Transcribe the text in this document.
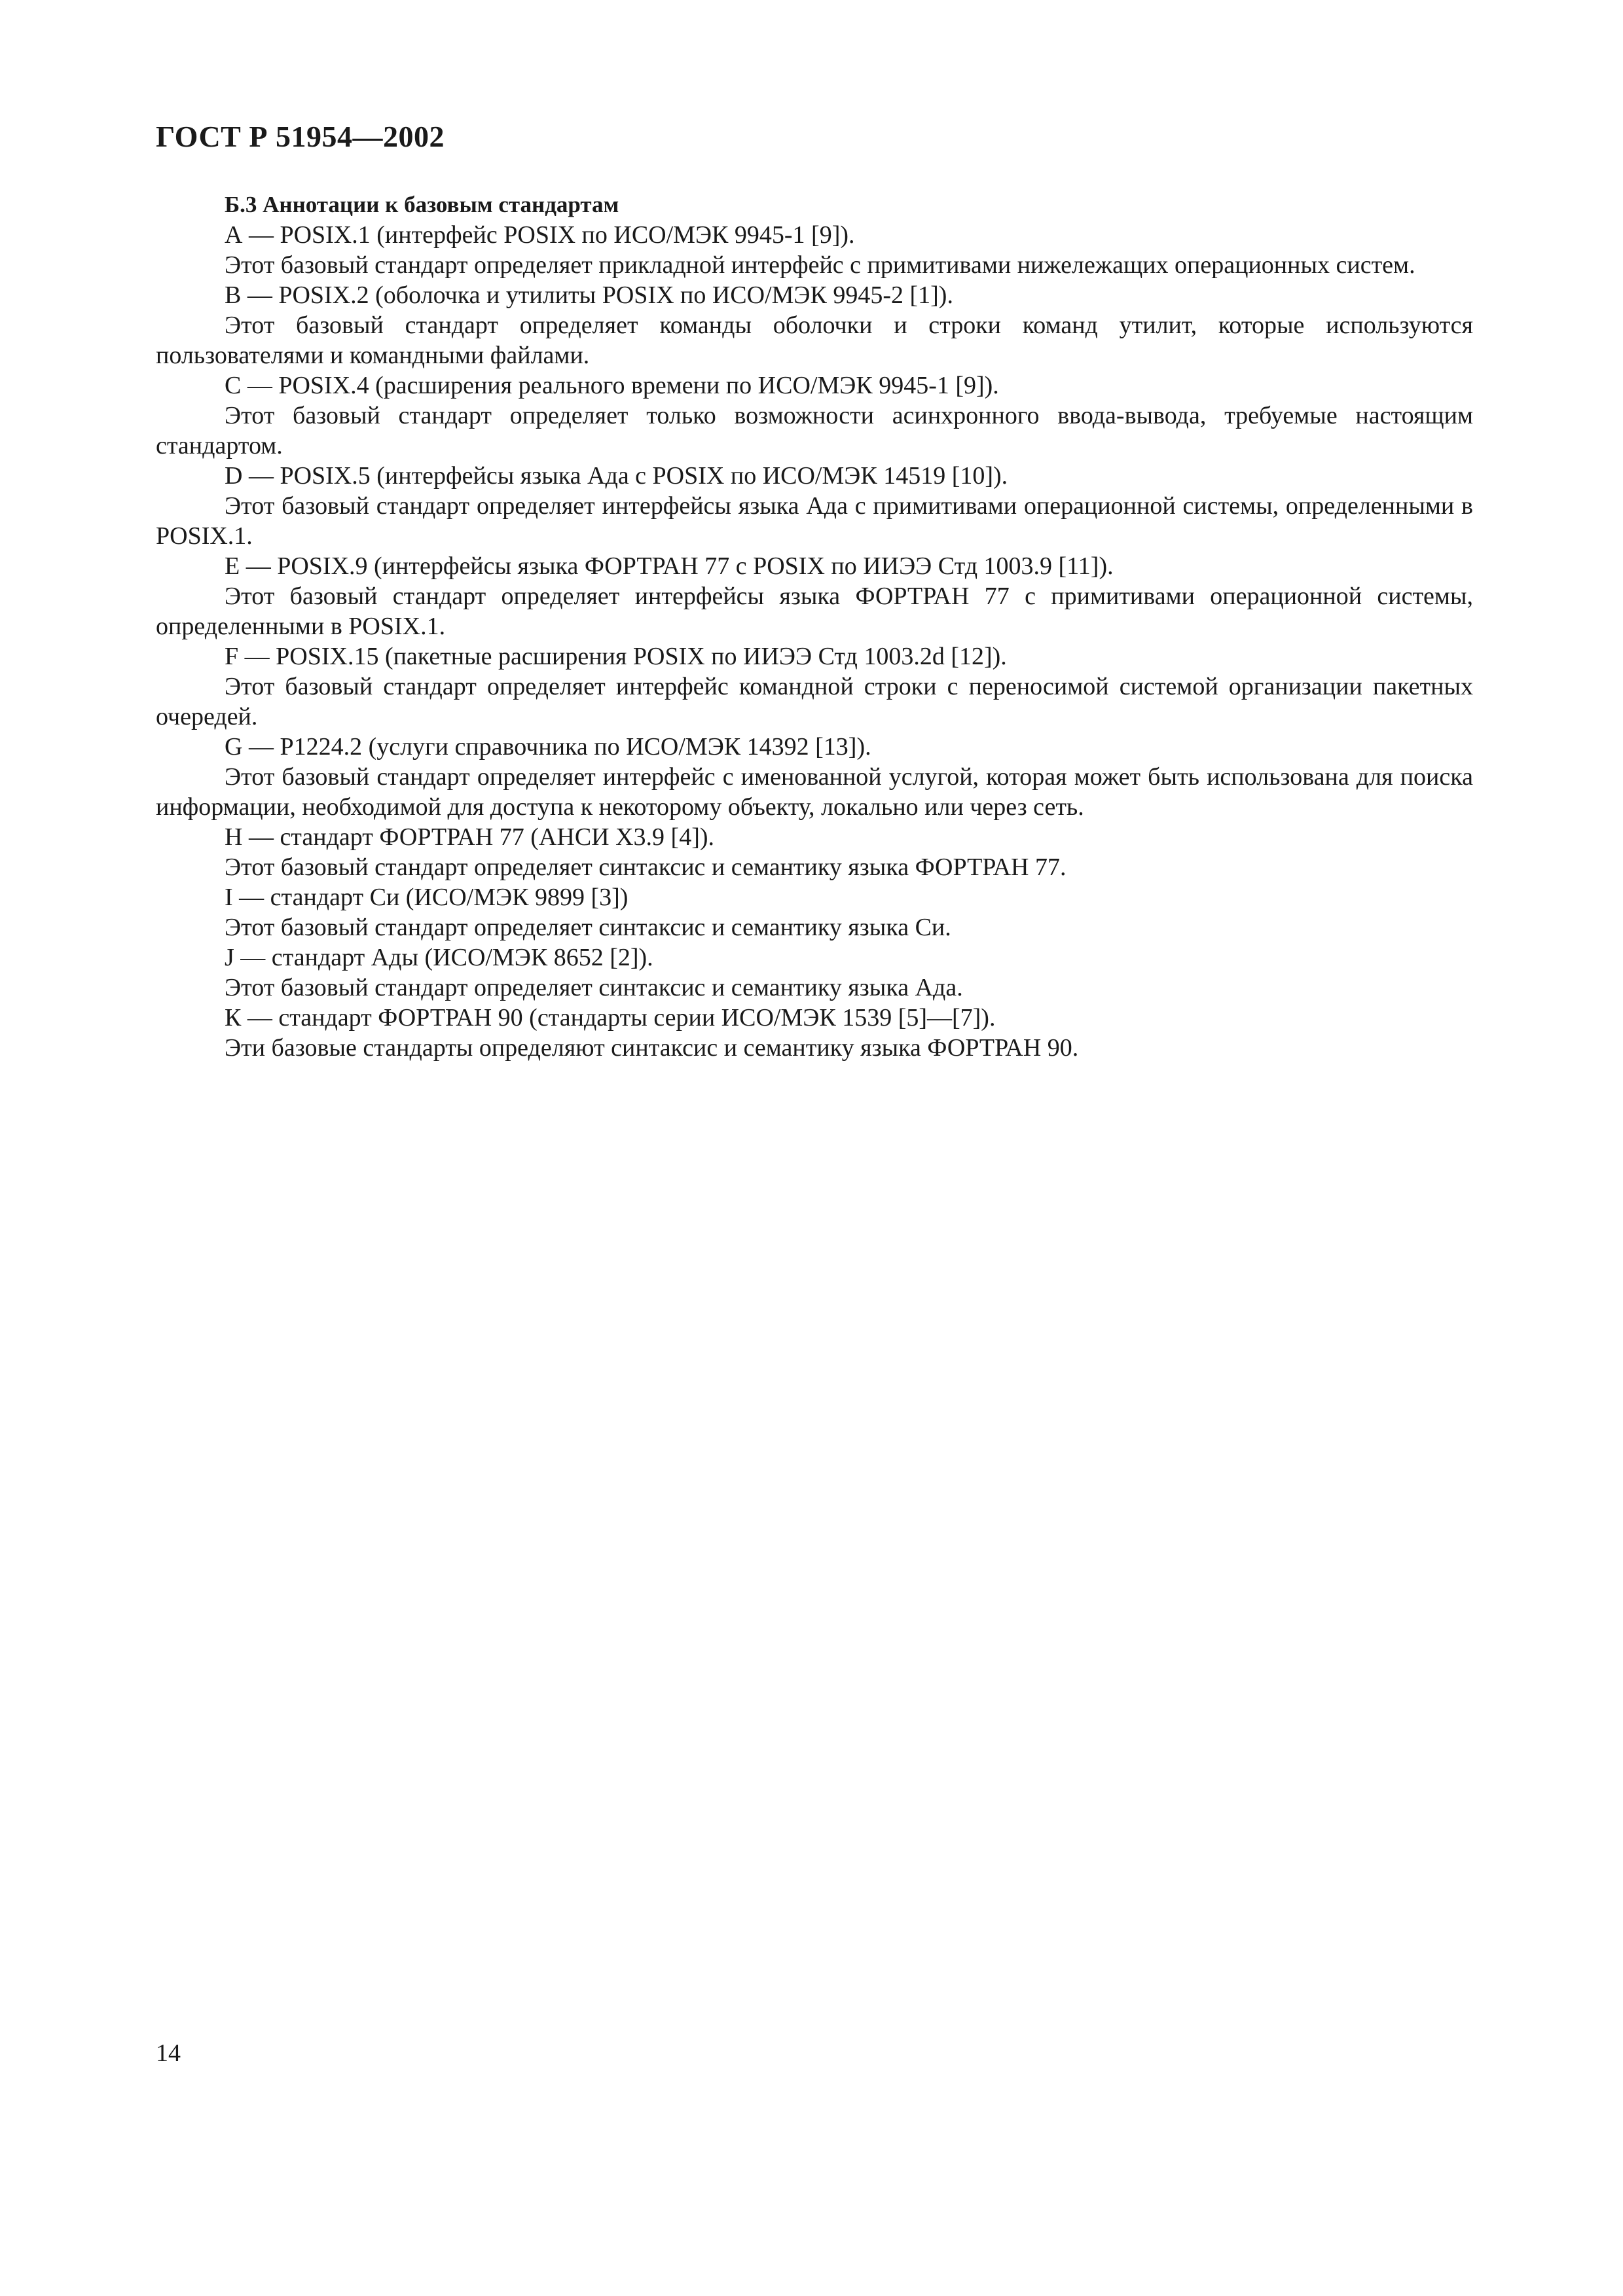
ГОСТ Р 51954—2002

Б.3 Аннотации к базовым стандартам

А — POSIX.1 (интерфейс POSIX по ИСО/МЭК 9945-1 [9]).

Этот базовый стандарт определяет прикладной интерфейс с примитивами нижележащих операционных систем.

В — POSIX.2 (оболочка и утилиты POSIX по ИСО/МЭК 9945-2 [1]).

Этот базовый стандарт определяет команды оболочки и строки команд утилит, которые используются пользователями и командными файлами.

С — POSIX.4 (расширения реального времени по ИСО/МЭК 9945-1 [9]).

Этот базовый стандарт определяет только возможности асинхронного ввода-вывода, требуемые настоящим стандартом.

D — POSIX.5 (интерфейсы языка Ада с POSIX по ИСО/МЭК 14519 [10]).

Этот базовый стандарт определяет интерфейсы языка Ада с примитивами операционной системы, определенными в POSIX.1.

Е — POSIX.9 (интерфейсы языка ФОРТРАН 77 с POSIX по ИИЭЭ Стд 1003.9 [11]).

Этот базовый стандарт определяет интерфейсы языка ФОРТРАН 77 с примитивами операционной системы, определенными в POSIX.1.

F — POSIX.15 (пакетные расширения POSIX по ИИЭЭ Стд 1003.2d [12]).

Этот базовый стандарт определяет интерфейс командной строки с переносимой системой организации пакетных очередей.

G — Р1224.2 (услуги справочника по ИСО/МЭК 14392 [13]).

Этот базовый стандарт определяет интерфейс с именованной услугой, которая может быть использована для поиска информации, необходимой для доступа к некоторому объекту, локально или через сеть.

Н — стандарт ФОРТРАН 77 (АНСИ Х3.9 [4]).

Этот базовый стандарт определяет синтаксис и семантику языка ФОРТРАН 77.

I — стандарт Си (ИСО/МЭК 9899 [3])

Этот базовый стандарт определяет синтаксис и семантику языка Си.

J — стандарт Ады (ИСО/МЭК 8652 [2]).

Этот базовый стандарт определяет синтаксис и семантику языка Ада.

К — стандарт ФОРТРАН 90 (стандарты серии ИСО/МЭК 1539 [5]—[7]).

Эти базовые стандарты определяют синтаксис и семантику языка ФОРТРАН 90.

14
